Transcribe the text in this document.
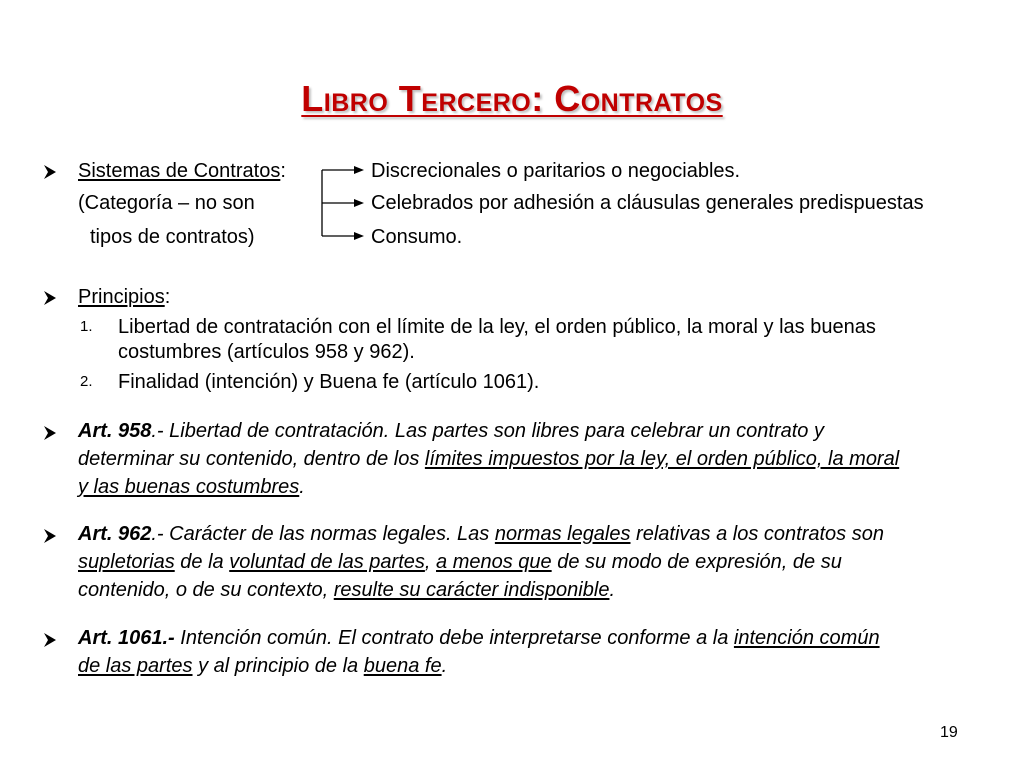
Libro Tercero: Contratos
Sistemas de Contratos:
(Categoría – no son
tipos de contratos)
Discrecionales o paritarios o negociables.
Celebrados por adhesión a cláusulas generales predispuestas
Consumo.
Principios:
1. Libertad de contratación con el límite de la ley, el orden público, la moral y las buenas
costumbres (artículos 958 y 962).
2. Finalidad (intención) y Buena fe (artículo 1061).
Art. 958.- Libertad de contratación. Las partes son libres para celebrar un contrato y
determinar su contenido, dentro de los límites impuestos por la ley, el orden público, la moral
y las buenas costumbres.
Art. 962.- Carácter de las normas legales. Las normas legales relativas a los contratos son
supletorias de la voluntad de las partes, a menos que de su modo de expresión, de su
contenido, o de su contexto, resulte su carácter indisponible.
Art. 1061.- Intención común. El contrato debe interpretarse conforme a la intención común
de las partes y al principio de la buena fe.
19
